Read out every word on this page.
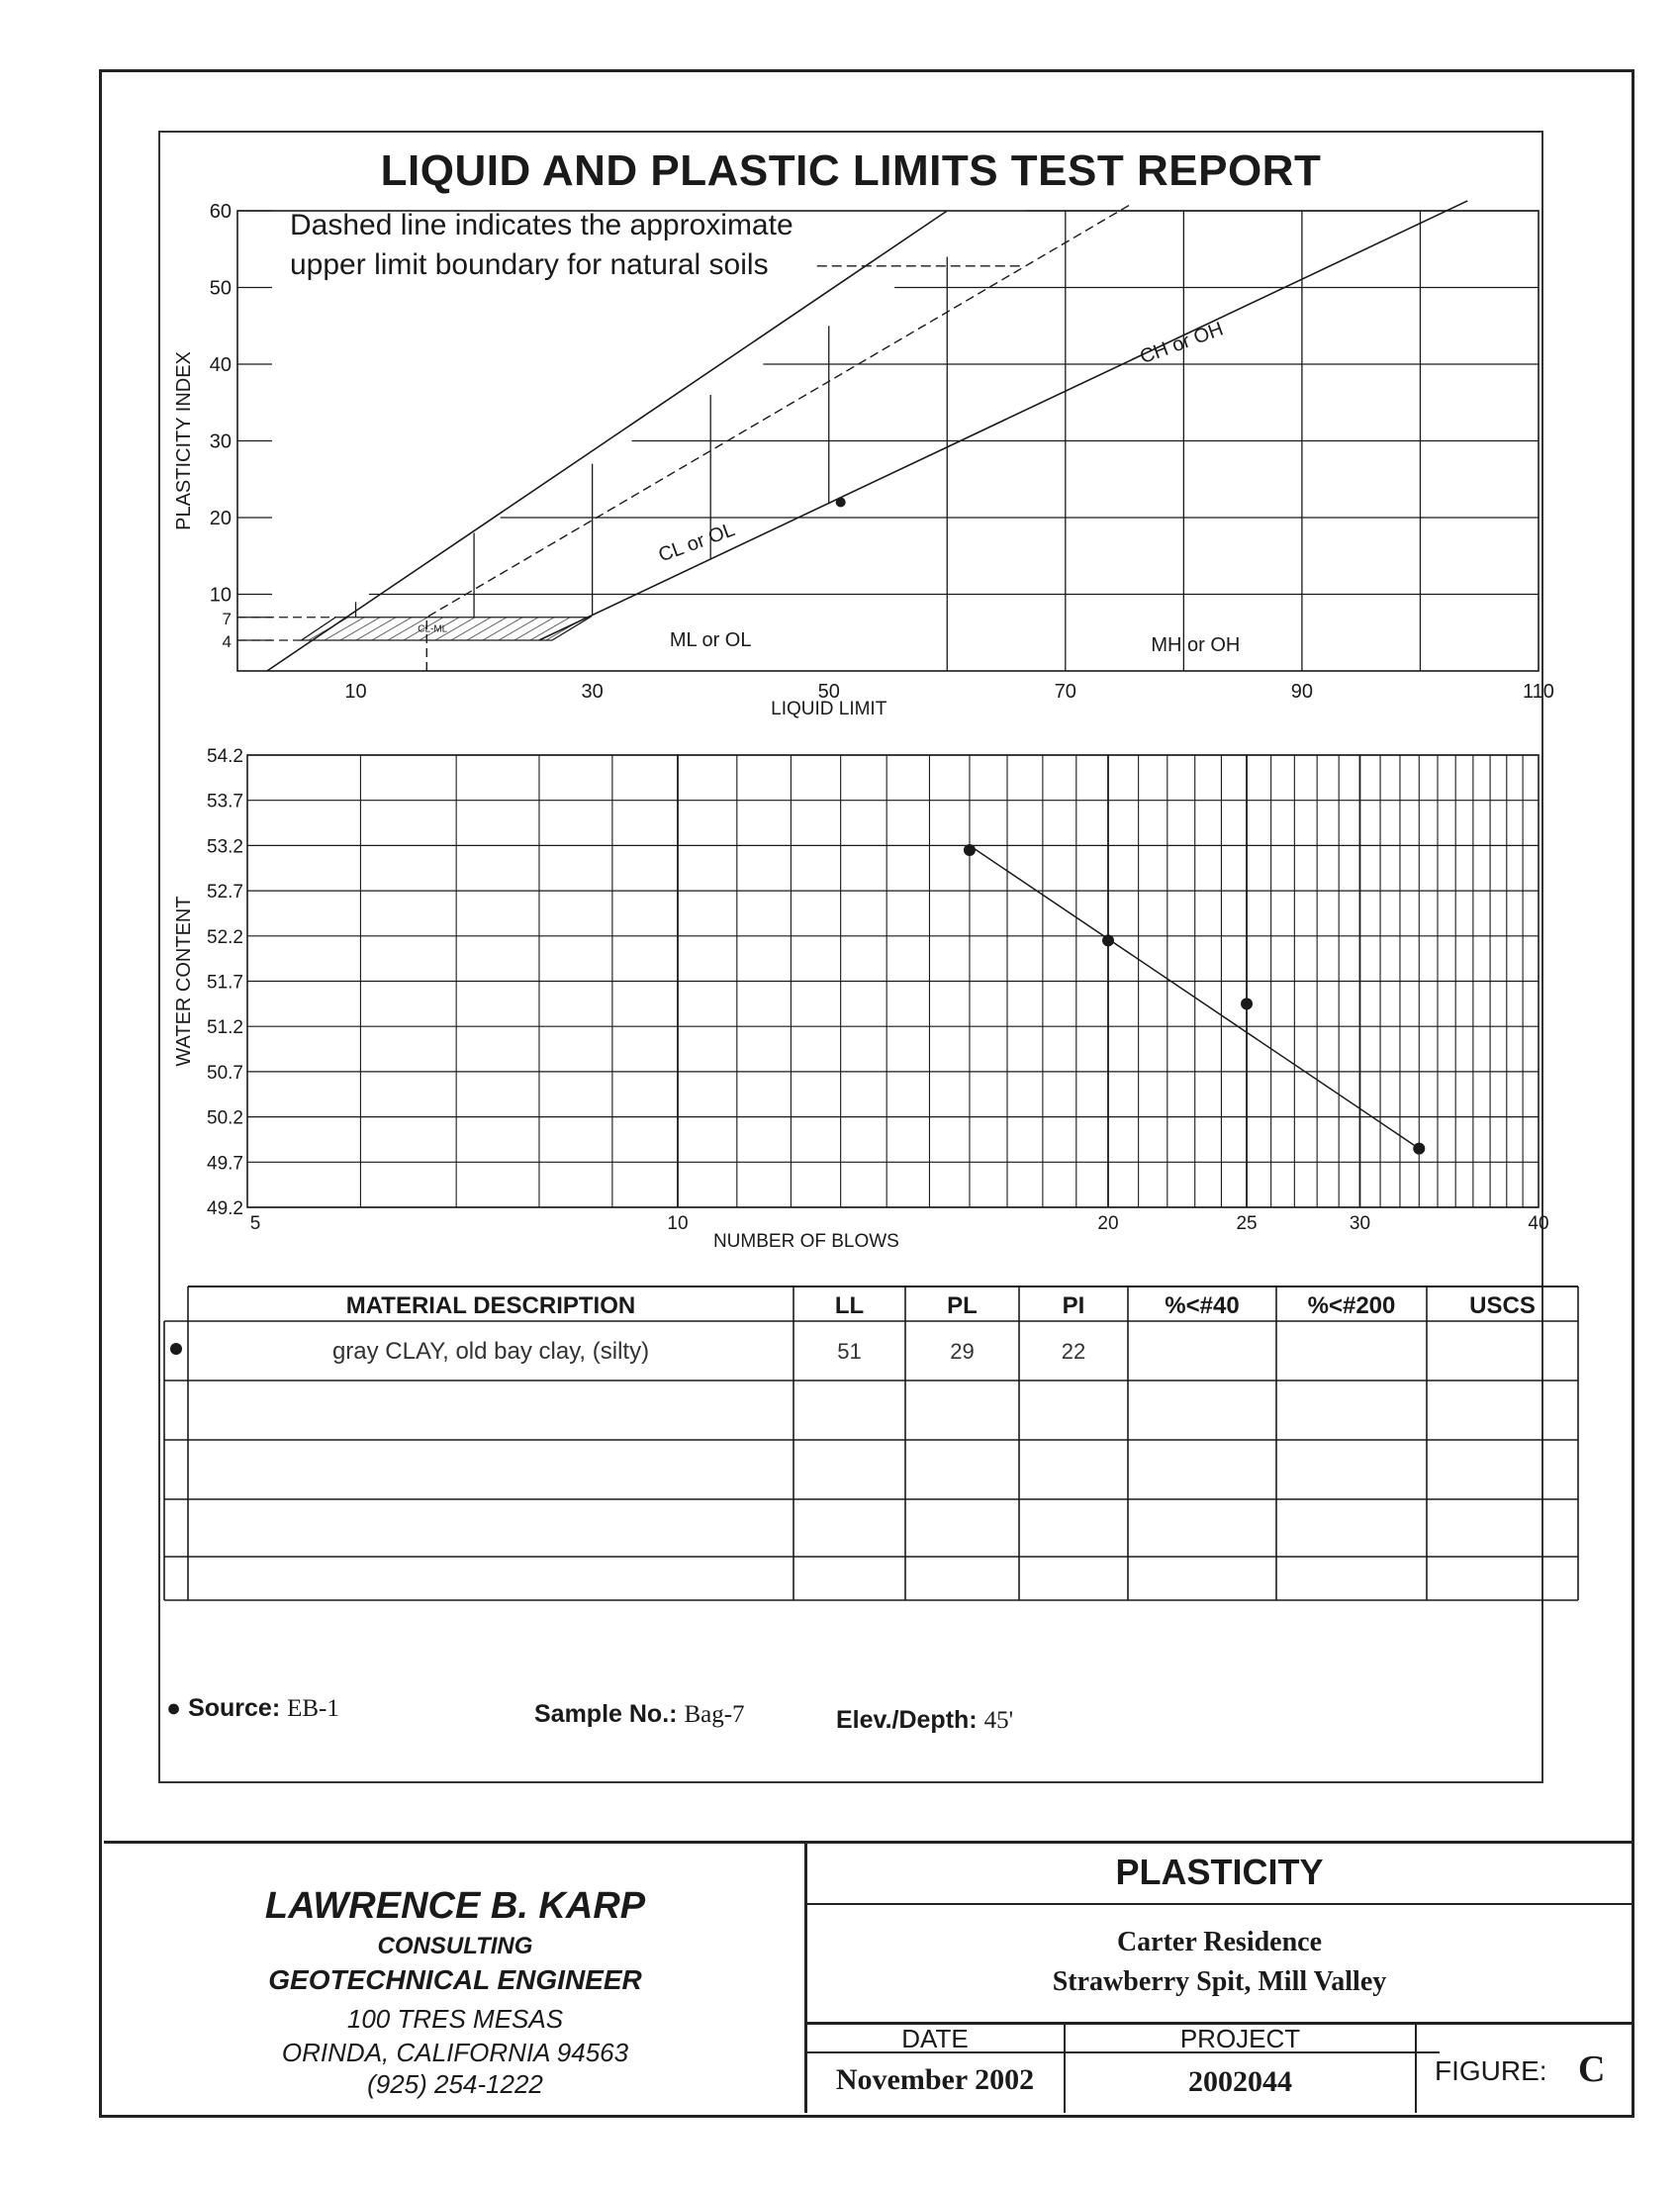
LIQUID AND PLASTIC LIMITS TEST REPORT
CL-ML
CL or OL
CH or OH
ML or OL	MH or OH
4
7
10
20
30
40
50
60
10	30	50	70	90	110
LIQUID LIMIT
PLASTICITY INDEX
Dashed line indicates the approximate
upper limit boundary for natural soils
49.2
49.7
50.2
50.7
51.2
51.7
52.2
52.7
53.2
53.7
54.2
5	10	20	25	30	40
NUMBER OF BLOWS
WATER CONTENT
MATERIAL DESCRIPTION	LL	PL	PI	%<#40	%<#200	USCS
gray CLAY, old bay clay, (silty)	51	29	22
● Source: EB-1	Sample No.: Bag-7	Elev./Depth: 45'
LAWRENCE B. KARP
CONSULTING
GEOTECHNICAL ENGINEER
100 TRES MESAS
ORINDA, CALIFORNIA 94563
(925) 254-1222
PLASTICITY
Carter Residence
Strawberry Spit, Mill Valley
DATE
November 2002
PROJECT
2002044	FIGURE: C
